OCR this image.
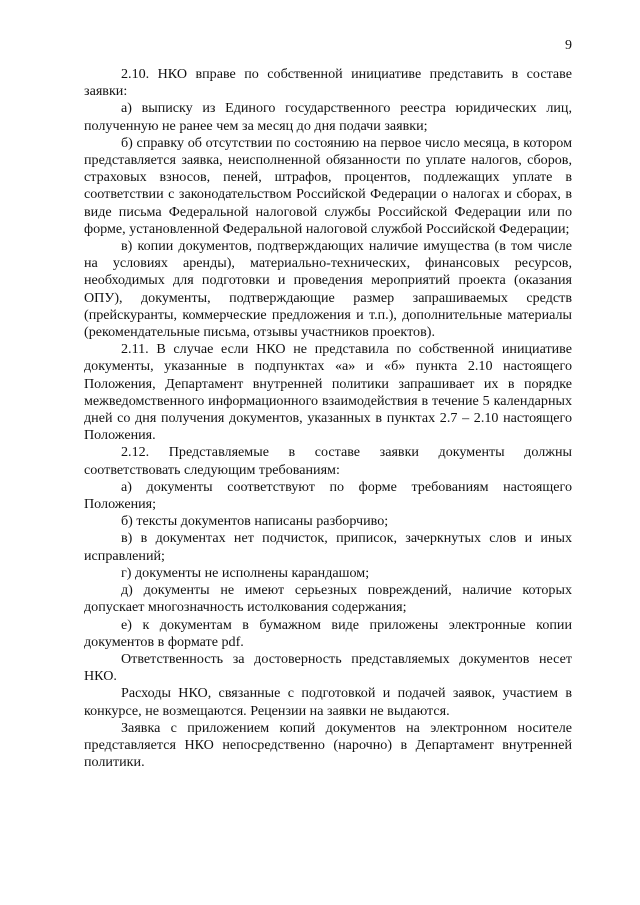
9

2.10. НКО вправе по собственной инициативе представить в составе заявки:

а) выписку из Единого государственного реестра юридических лиц, полученную не ранее чем за месяц до дня подачи заявки;

б) справку об отсутствии по состоянию на первое число месяца, в котором представляется заявка, неисполненной обязанности по уплате налогов, сборов, страховых взносов, пеней, штрафов, процентов, подлежащих уплате в соответствии с законодательством Российской Федерации о налогах и сборах, в виде письма Федеральной налоговой службы Российской Федерации или по форме, установленной Федеральной налоговой службой Российской Федерации;

в) копии документов, подтверждающих наличие имущества (в том числе на условиях аренды), материально-технических, финансовых ресурсов, необходимых для подготовки и проведения мероприятий проекта (оказания ОПУ), документы, подтверждающие размер запрашиваемых средств (прейскуранты, коммерческие предложения и т.п.), дополнительные материалы (рекомендательные письма, отзывы участников проектов).

2.11. В случае если НКО не представила по собственной инициативе документы, указанные в подпунктах «а» и «б» пункта 2.10 настоящего Положения, Департамент внутренней политики запрашивает их в порядке межведомственного информационного взаимодействия в течение 5 календарных дней со дня получения документов, указанных в пунктах 2.7 – 2.10 настоящего Положения.

2.12. Представляемые в составе заявки документы должны соответствовать следующим требованиям:

а) документы соответствуют по форме требованиям настоящего Положения;

б) тексты документов написаны разборчиво;

в) в документах нет подчисток, приписок, зачеркнутых слов и иных исправлений;

г) документы не исполнены карандашом;

д) документы не имеют серьезных повреждений, наличие которых допускает многозначность истолкования содержания;

е) к документам в бумажном виде приложены электронные копии документов в формате pdf.

Ответственность за достоверность представляемых документов несет НКО.

Расходы НКО, связанные с подготовкой и подачей заявок, участием в конкурсе, не возмещаются. Рецензии на заявки не выдаются.

Заявка с приложением копий документов на электронном носителе представляется НКО непосредственно (нарочно) в Департамент внутренней политики.
